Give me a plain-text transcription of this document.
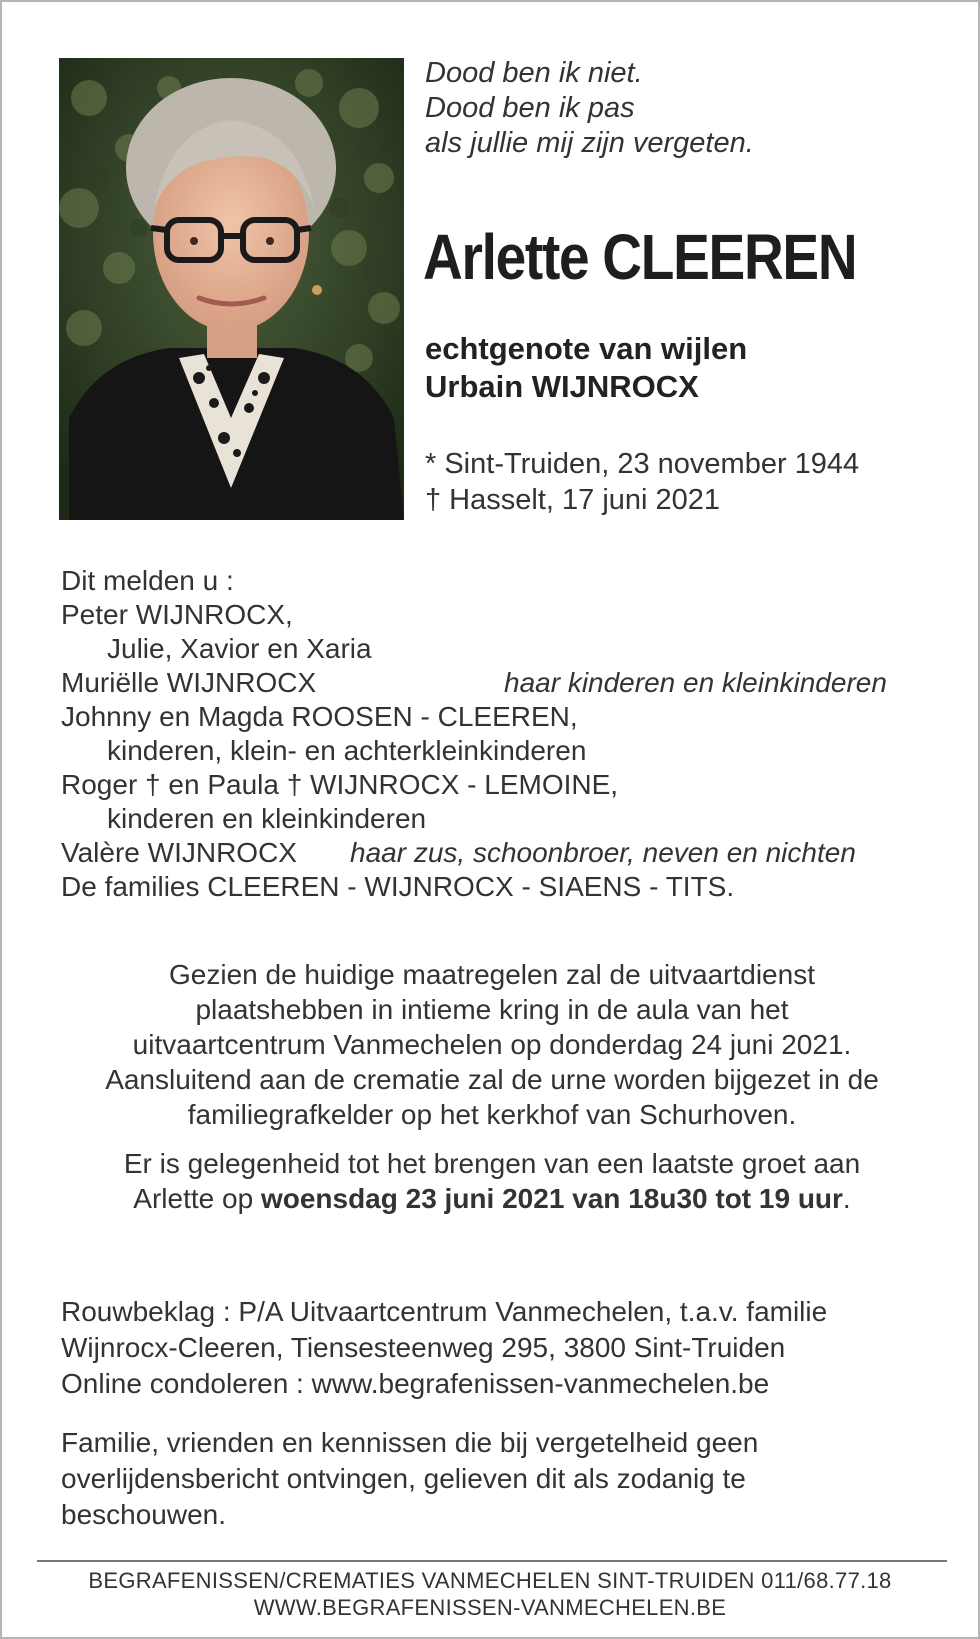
Dood ben ik niet.
Dood ben ik pas
als jullie mij zijn vergeten.
Arlette CLEEREN
echtgenote van wijlen
Urbain WIJNROCX
* Sint-Truiden, 23 november 1944
† Hasselt, 17 juni 2021
Dit melden u :
Peter WIJNROCX,
Julie, Xavior en Xaria
Muriëlle WIJNROCX	haar kinderen en kleinkinderen
Johnny en Magda ROOSEN - CLEEREN,
kinderen, klein- en achterkleinkinderen
Roger † en Paula † WIJNROCX - LEMOINE,
kinderen en kleinkinderen
Valère WIJNROCX haar zus, schoonbroer, neven en nichten
De families CLEEREN - WIJNROCX - SIAENS - TITS.
Gezien de huidige maatregelen zal de uitvaartdienst
plaatshebben in intieme kring in de aula van het
uitvaartcentrum Vanmechelen op donderdag 24 juni 2021.
Aansluitend aan de crematie zal de urne worden bijgezet in de
familiegrafkelder op het kerkhof van Schurhoven.
Er is gelegenheid tot het brengen van een laatste groet aan
Arlette op woensdag 23 juni 2021 van 18u30 tot 19 uur.
Rouwbeklag : P/A Uitvaartcentrum Vanmechelen, t.a.v. familie
Wijnrocx-Cleeren, Tiensesteenweg 295, 3800 Sint-Truiden
Online condoleren : www.begrafenissen-vanmechelen.be
Familie, vrienden en kennissen die bij vergetelheid geen
overlijdensbericht ontvingen, gelieven dit als zodanig te
beschouwen.
BEGRAFENISSEN/CREMATIES VANMECHELEN SINT-TRUIDEN 011/68.77.18
WWW.BEGRAFENISSEN-VANMECHELEN.BE
